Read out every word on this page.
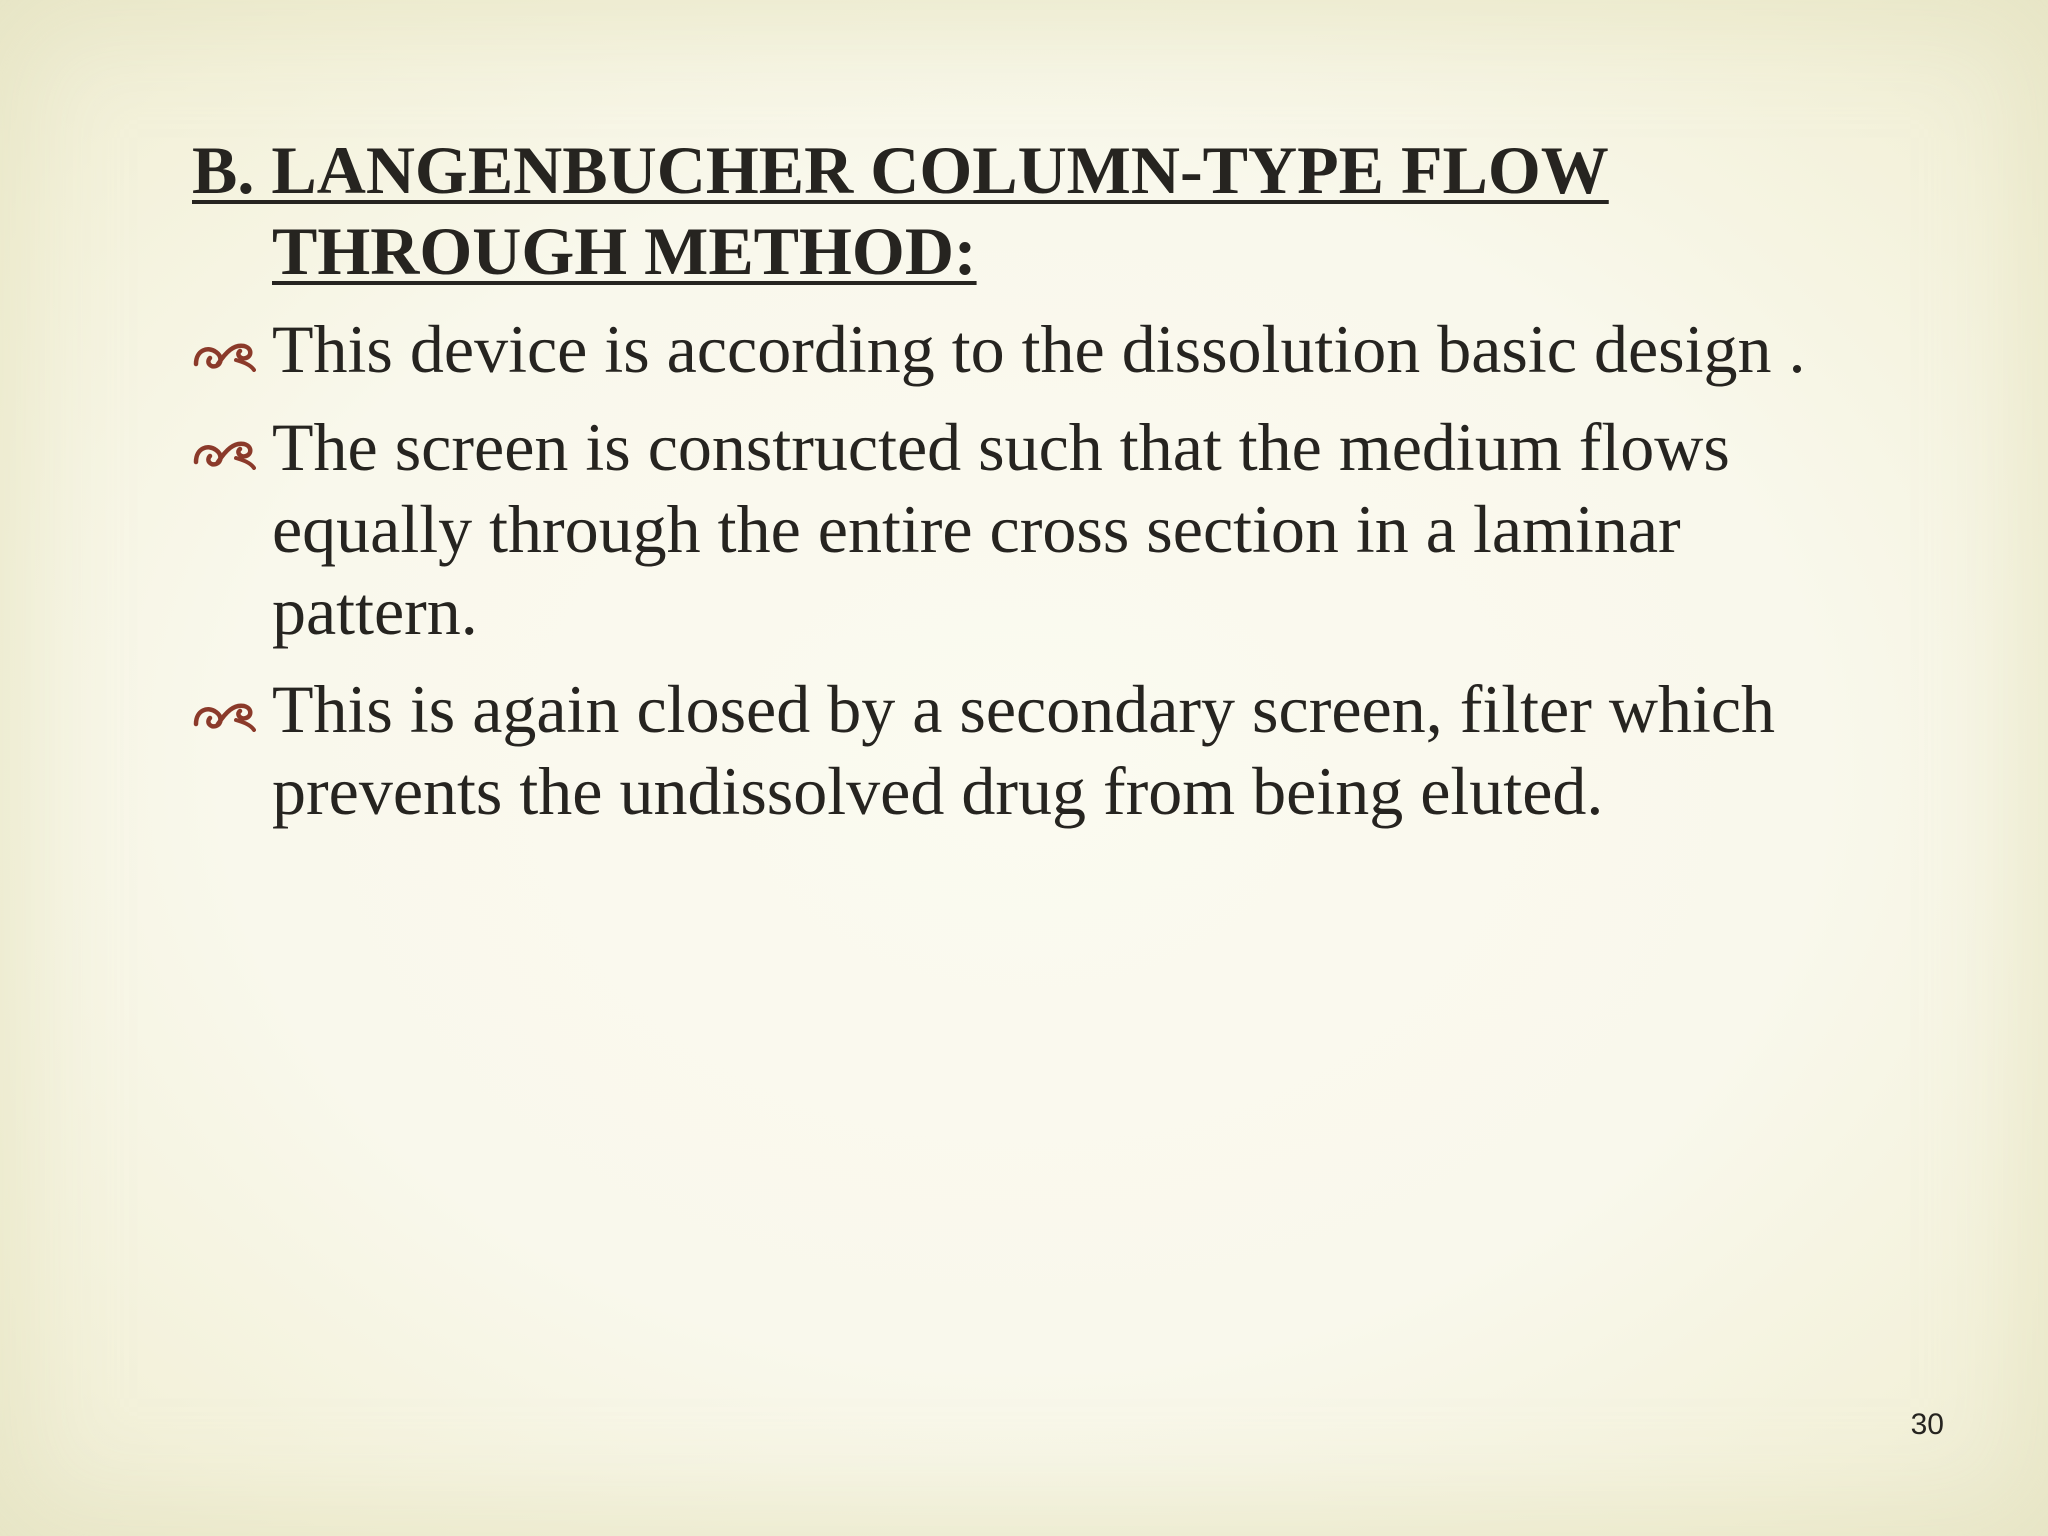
B. LANGENBUCHER COLUMN-TYPE FLOW THROUGH METHOD:
This device is according to the dissolution basic design .
The screen is constructed such that the medium flows equally through the entire cross section in a laminar pattern.
This is again closed by a secondary screen, filter which prevents the undissolved drug from being eluted.
30
